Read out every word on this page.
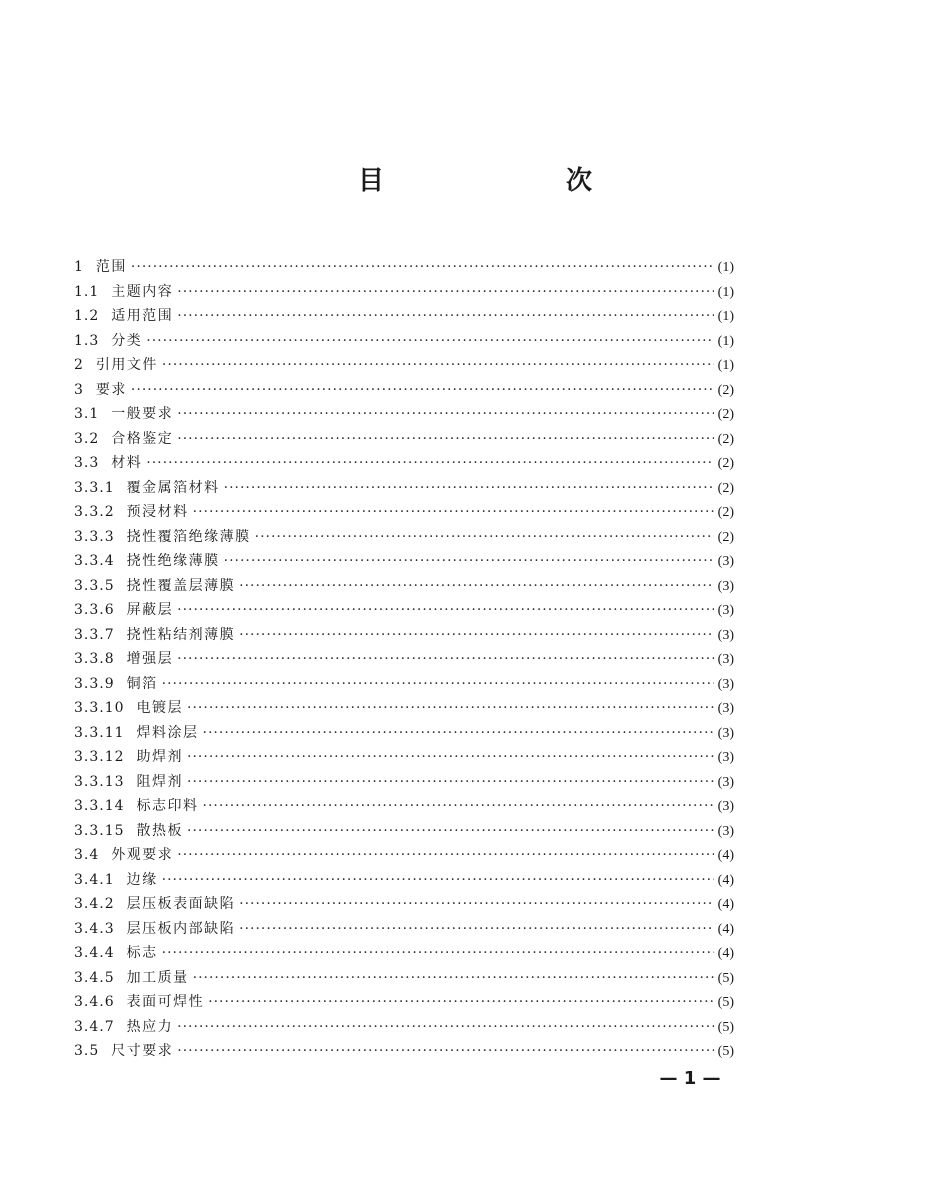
目　次
1 范围 ·····	(1)
1.1 主题内容 ·····	(1)
1.2 适用范围 ·····	(1)
1.3 分类 ·····	(1)
2 引用文件 ·····	(1)
3 要求 ·····	(2)
3.1 一般要求 ·····	(2)
3.2 合格鉴定 ·····	(2)
3.3 材料 ·····	(2)
3.3.1 覆金属箔材料 ·····	(2)
3.3.2 预浸材料 ·····	(2)
3.3.3 挠性覆箔绝缘薄膜 ·····	(2)
3.3.4 挠性绝缘薄膜 ·····	(3)
3.3.5 挠性覆盖层薄膜 ·····	(3)
3.3.6 屏蔽层 ·····	(3)
3.3.7 挠性粘结剂薄膜 ·····	(3)
3.3.8 增强层 ·····	(3)
3.3.9 铜箔 ·····	(3)
3.3.10 电镀层 ·····	(3)
3.3.11 焊料涂层 ·····	(3)
3.3.12 助焊剂 ·····	(3)
3.3.13 阻焊剂 ·····	(3)
3.3.14 标志印料 ·····	(3)
3.3.15 散热板 ·····	(3)
3.4 外观要求 ·····	(4)
3.4.1 边缘 ·····	(4)
3.4.2 层压板表面缺陷 ·····	(4)
3.4.3 层压板内部缺陷 ·····	(4)
3.4.4 标志 ·····	(4)
3.4.5 加工质量 ·····	(5)
3.4.6 表面可焊性 ·····	(5)
3.4.7 热应力 ·····	(5)
3.5 尺寸要求 ·····	(5)
— 1 —
